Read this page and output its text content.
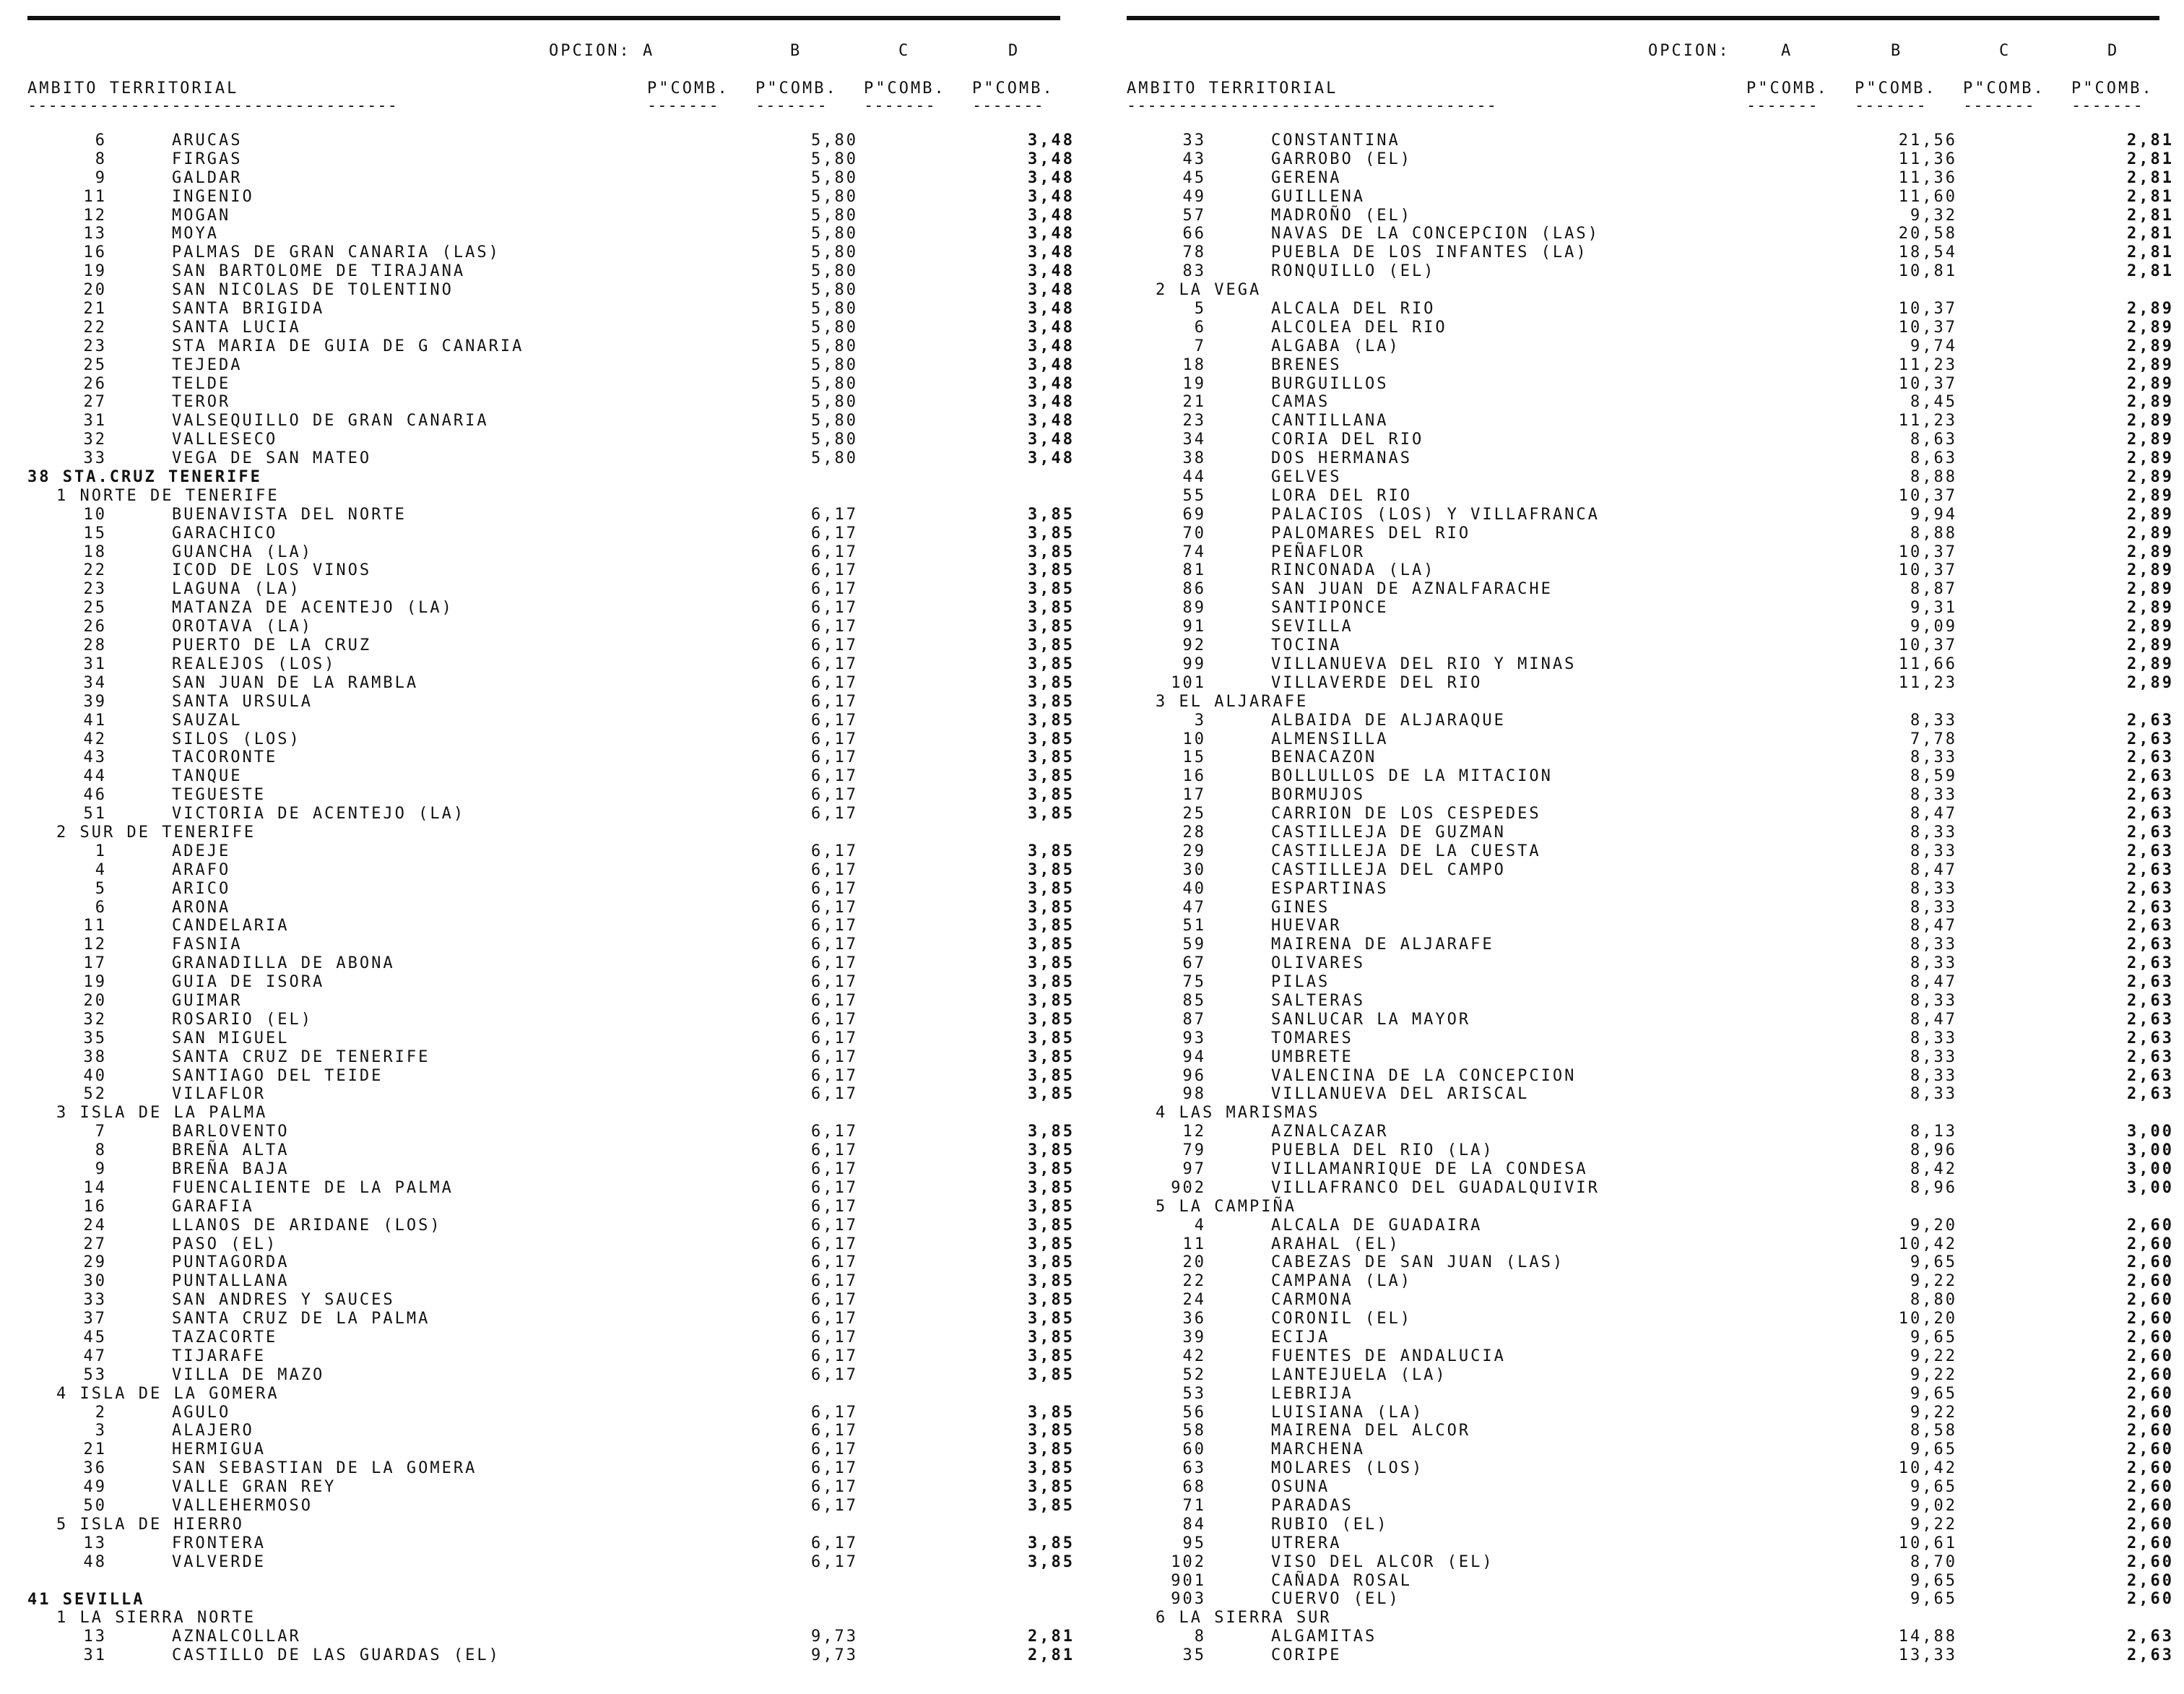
OPCION: A	B	C	D
AMBITO TERRITORIAL	P"COMB. P"COMB. P"COMB. P"COMB.
------------------------------------	------- ------- ------- -------
6	ARUCAS	5,80	3,48
8	FIRGAS	5,80	3,48
9	GALDAR	5,80	3,48
11	INGENIO	5,80	3,48
12	MOGAN	5,80	3,48
13	MOYA	5,80	3,48
16	PALMAS DE GRAN CANARIA (LAS)	5,80	3,48
19	SAN BARTOLOME DE TIRAJANA	5,80	3,48
20	SAN NICOLAS DE TOLENTINO	5,80	3,48
21	SANTA BRIGIDA	5,80	3,48
22	SANTA LUCIA	5,80	3,48
23	STA MARIA DE GUIA DE G CANARIA	5,80	3,48
25	TEJEDA	5,80	3,48
26	TELDE	5,80	3,48
27	TEROR	5,80	3,48
31	VALSEQUILLO DE GRAN CANARIA	5,80	3,48
32	VALLESECO	5,80	3,48
33	VEGA DE SAN MATEO	5,80	3,48
38 STA.CRUZ TENERIFE
1 NORTE DE TENERIFE
10	BUENAVISTA DEL NORTE	6,17	3,85
15	GARACHICO	6,17	3,85
18	GUANCHA (LA)	6,17	3,85
22	ICOD DE LOS VINOS	6,17	3,85
23	LAGUNA (LA)	6,17	3,85
25	MATANZA DE ACENTEJO (LA)	6,17	3,85
26	OROTAVA (LA)	6,17	3,85
28	PUERTO DE LA CRUZ	6,17	3,85
31	REALEJOS (LOS)	6,17	3,85
34	SAN JUAN DE LA RAMBLA	6,17	3,85
39	SANTA URSULA	6,17	3,85
41	SAUZAL	6,17	3,85
42	SILOS (LOS)	6,17	3,85
43	TACORONTE	6,17	3,85
44	TANQUE	6,17	3,85
46	TEGUESTE	6,17	3,85
51	VICTORIA DE ACENTEJO (LA)	6,17	3,85
2 SUR DE TENERIFE
1	ADEJE	6,17	3,85
4	ARAFO	6,17	3,85
5	ARICO	6,17	3,85
6	ARONA	6,17	3,85
11	CANDELARIA	6,17	3,85
12	FASNIA	6,17	3,85
17	GRANADILLA DE ABONA	6,17	3,85
19	GUIA DE ISORA	6,17	3,85
20	GUIMAR	6,17	3,85
32	ROSARIO (EL)	6,17	3,85
35	SAN MIGUEL	6,17	3,85
38	SANTA CRUZ DE TENERIFE	6,17	3,85
40	SANTIAGO DEL TEIDE	6,17	3,85
52	VILAFLOR	6,17	3,85
3 ISLA DE LA PALMA
7	BARLOVENTO	6,17	3,85
8	BREÑA ALTA	6,17	3,85
9	BREÑA BAJA	6,17	3,85
14	FUENCALIENTE DE LA PALMA	6,17	3,85
16	GARAFIA	6,17	3,85
24	LLANOS DE ARIDANE (LOS)	6,17	3,85
27	PASO (EL)	6,17	3,85
29	PUNTAGORDA	6,17	3,85
30	PUNTALLANA	6,17	3,85
33	SAN ANDRES Y SAUCES	6,17	3,85
37	SANTA CRUZ DE LA PALMA	6,17	3,85
45	TAZACORTE	6,17	3,85
47	TIJARAFE	6,17	3,85
53	VILLA DE MAZO	6,17	3,85
4 ISLA DE LA GOMERA
2	AGULO	6,17	3,85
3	ALAJERO	6,17	3,85
21	HERMIGUA	6,17	3,85
36	SAN SEBASTIAN DE LA GOMERA	6,17	3,85
49	VALLE GRAN REY	6,17	3,85
50	VALLEHERMOSO	6,17	3,85
5 ISLA DE HIERRO
13	FRONTERA	6,17	3,85
48	VALVERDE	6,17	3,85
41 SEVILLA
1 LA SIERRA NORTE
13	AZNALCOLLAR	9,73	2,81
31	CASTILLO DE LAS GUARDAS (EL)	9,73	2,81
OPCION:	A	B	C	D
AMBITO TERRITORIAL	P"COMB. P"COMB. P"COMB. P"COMB.
------------------------------------	------- ------- ------- -------
33	CONSTANTINA	21,56	2,81
43	GARROBO (EL)	11,36	2,81
45	GERENA	11,36	2,81
49	GUILLENA	11,60	2,81
57	MADROÑO (EL)	9,32	2,81
66	NAVAS DE LA CONCEPCION (LAS)	20,58	2,81
78	PUEBLA DE LOS INFANTES (LA)	18,54	2,81
83	RONQUILLO (EL)	10,81	2,81
2 LA VEGA
5	ALCALA DEL RIO	10,37	2,89
6	ALCOLEA DEL RIO	10,37	2,89
7	ALGABA (LA)	9,74	2,89
18	BRENES	11,23	2,89
19	BURGUILLOS	10,37	2,89
21	CAMAS	8,45	2,89
23	CANTILLANA	11,23	2,89
34	CORIA DEL RIO	8,63	2,89
38	DOS HERMANAS	8,63	2,89
44	GELVES	8,88	2,89
55	LORA DEL RIO	10,37	2,89
69	PALACIOS (LOS) Y VILLAFRANCA	9,94	2,89
70	PALOMARES DEL RIO	8,88	2,89
74	PEÑAFLOR	10,37	2,89
81	RINCONADA (LA)	10,37	2,89
86	SAN JUAN DE AZNALFARACHE	8,87	2,89
89	SANTIPONCE	9,31	2,89
91	SEVILLA	9,09	2,89
92	TOCINA	10,37	2,89
99	VILLANUEVA DEL RIO Y MINAS	11,66	2,89
101	VILLAVERDE DEL RIO	11,23	2,89
3 EL ALJARAFE
3	ALBAIDA DE ALJARAQUE	8,33	2,63
10	ALMENSILLA	7,78	2,63
15	BENACAZON	8,33	2,63
16	BOLLULLOS DE LA MITACION	8,59	2,63
17	BORMUJOS	8,33	2,63
25	CARRION DE LOS CESPEDES	8,47	2,63
28	CASTILLEJA DE GUZMAN	8,33	2,63
29	CASTILLEJA DE LA CUESTA	8,33	2,63
30	CASTILLEJA DEL CAMPO	8,47	2,63
40	ESPARTINAS	8,33	2,63
47	GINES	8,33	2,63
51	HUEVAR	8,47	2,63
59	MAIRENA DE ALJARAFE	8,33	2,63
67	OLIVARES	8,33	2,63
75	PILAS	8,47	2,63
85	SALTERAS	8,33	2,63
87	SANLUCAR LA MAYOR	8,47	2,63
93	TOMARES	8,33	2,63
94	UMBRETE	8,33	2,63
96	VALENCINA DE LA CONCEPCION	8,33	2,63
98	VILLANUEVA DEL ARISCAL	8,33	2,63
4 LAS MARISMAS
12	AZNALCAZAR	8,13	3,00
79	PUEBLA DEL RIO (LA)	8,96	3,00
97	VILLAMANRIQUE DE LA CONDESA	8,42	3,00
902	VILLAFRANCO DEL GUADALQUIVIR	8,96	3,00
5 LA CAMPIÑA
4	ALCALA DE GUADAIRA	9,20	2,60
11	ARAHAL (EL)	10,42	2,60
20	CABEZAS DE SAN JUAN (LAS)	9,65	2,60
22	CAMPANA (LA)	9,22	2,60
24	CARMONA	8,80	2,60
36	CORONIL (EL)	10,20	2,60
39	ECIJA	9,65	2,60
42	FUENTES DE ANDALUCIA	9,22	2,60
52	LANTEJUELA (LA)	9,22	2,60
53	LEBRIJA	9,65	2,60
56	LUISIANA (LA)	9,22	2,60
58	MAIRENA DEL ALCOR	8,58	2,60
60	MARCHENA	9,65	2,60
63	MOLARES (LOS)	10,42	2,60
68	OSUNA	9,65	2,60
71	PARADAS	9,02	2,60
84	RUBIO (EL)	9,22	2,60
95	UTRERA	10,61	2,60
102	VISO DEL ALCOR (EL)	8,70	2,60
901	CAÑADA ROSAL	9,65	2,60
903	CUERVO (EL)	9,65	2,60
6 LA SIERRA SUR
8	ALGAMITAS	14,88	2,63
35	CORIPE	13,33	2,63
